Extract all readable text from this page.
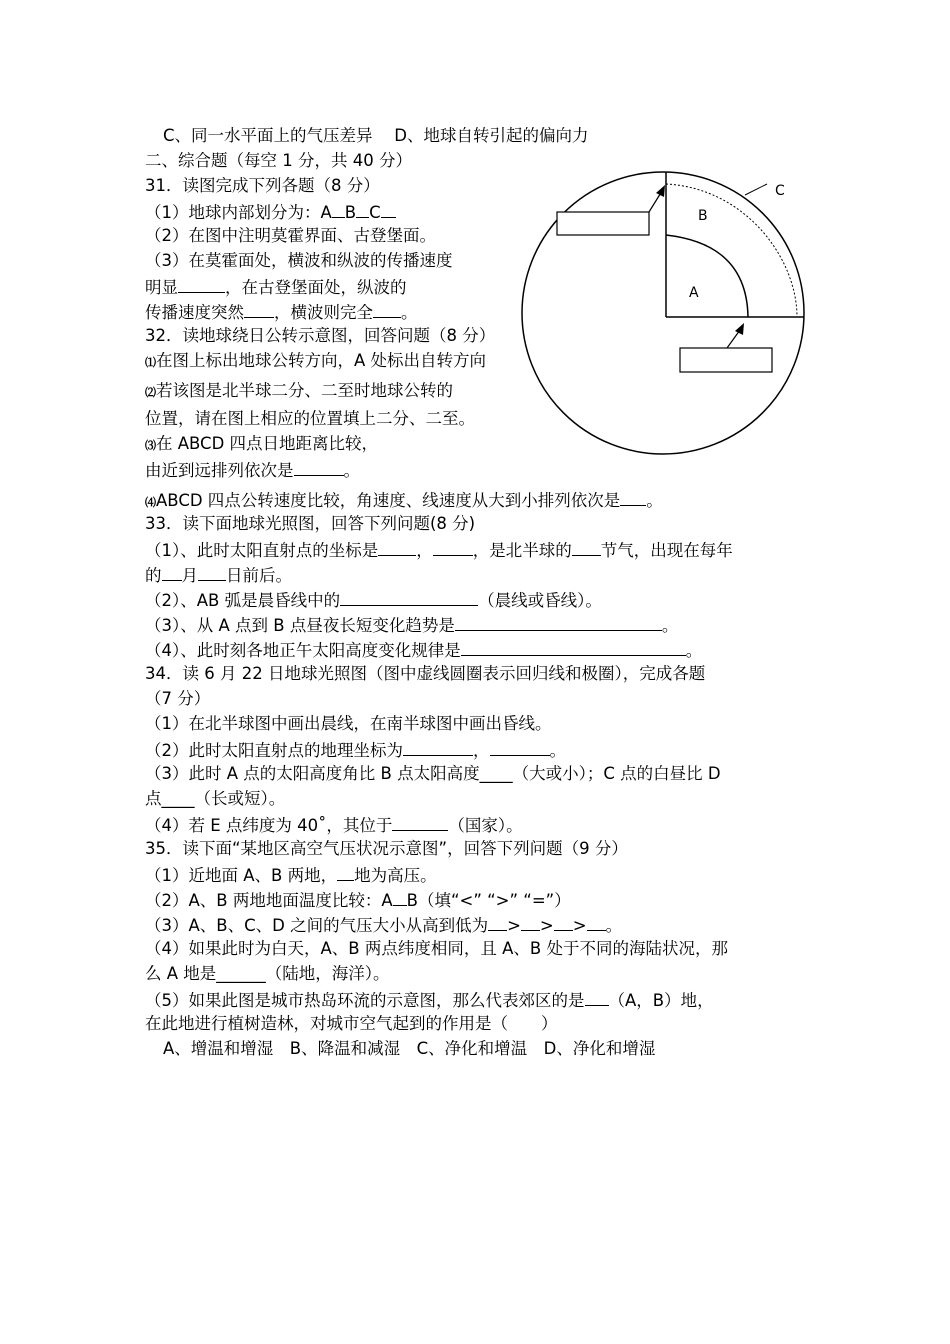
C、同一水平面上的气压差异　 D、地球自转引起的偏向力
二、综合题（每空 1 分，共 40 分）
31．读图完成下列各题（8 分）
（1）地球内部划分为：A B C
（2）在图中注明莫霍界面、古登堡面。
（3）在莫霍面处，横波和纵波的传播速度
明显	，在古登堡面处，纵波的
传播速度突然 ，横波则完全 。
32．读地球绕日公转示意图，回答问题（8 分）
⑴在图上标出地球公转方向，A 处标出自转方向
⑵若该图是北半球二分、二至时地球公转的
位置，请在图上相应的位置填上二分、二至。
⑶在 ABCD 四点日地距离比较，
由近到远排列依次是	。
⑷ABCD 四点公转速度比较，角速度、线速度从大到小排列依次是 。
33．读下面地球光照图，回答下列问题(8 分)
（1）、此时太阳直射点的坐标是 ， ，是北半球的 节气，出现在每年
的 月 日前后。
（2）、AB 弧是晨昏线中的	（晨线或昏线）。
（3）、从 A 点到 B 点昼夜长短变化趋势是	。
（4）、此时刻各地正午太阳高度变化规律是	。
34．读 6 月 22 日地球光照图（图中虚线圆圈表示回归线和极圈），完成各题
（7 分）
（1）在北半球图中画出晨线，在南半球图中画出昏线。
（2）此时太阳直射点的地理坐标为	，	。
（3）此时 A 点的太阳高度角比 B 点太阳高度____（大或小）；C 点的白昼比 D
点____（长或短）。
（4）若 E 点纬度为 40˚，其位于	（国家）。
35．读下面“某地区高空气压状况示意图”，回答下列问题（9 分）
（1）近地面 A、B 两地， 地为高压。
（2）A、B 两地地面温度比较：A B（填“<” “>” “=”）
（3）A、B、C、D 之间的气压大小从高到低为 > > > 。
（4）如果此时为白天，A、B 两点纬度相同，且 A、B 处于不同的海陆状况，那
么 A 地是______（陆地，海洋）。
（5）如果此图是城市热岛环流的示意图，那么代表郊区的是 （A，B）地，
在此地进行植树造林，对城市空气起到的作用是（　　）
A、增温和增湿　B、降温和减湿　C、净化和增温　D、净化和增湿
C
B
A
